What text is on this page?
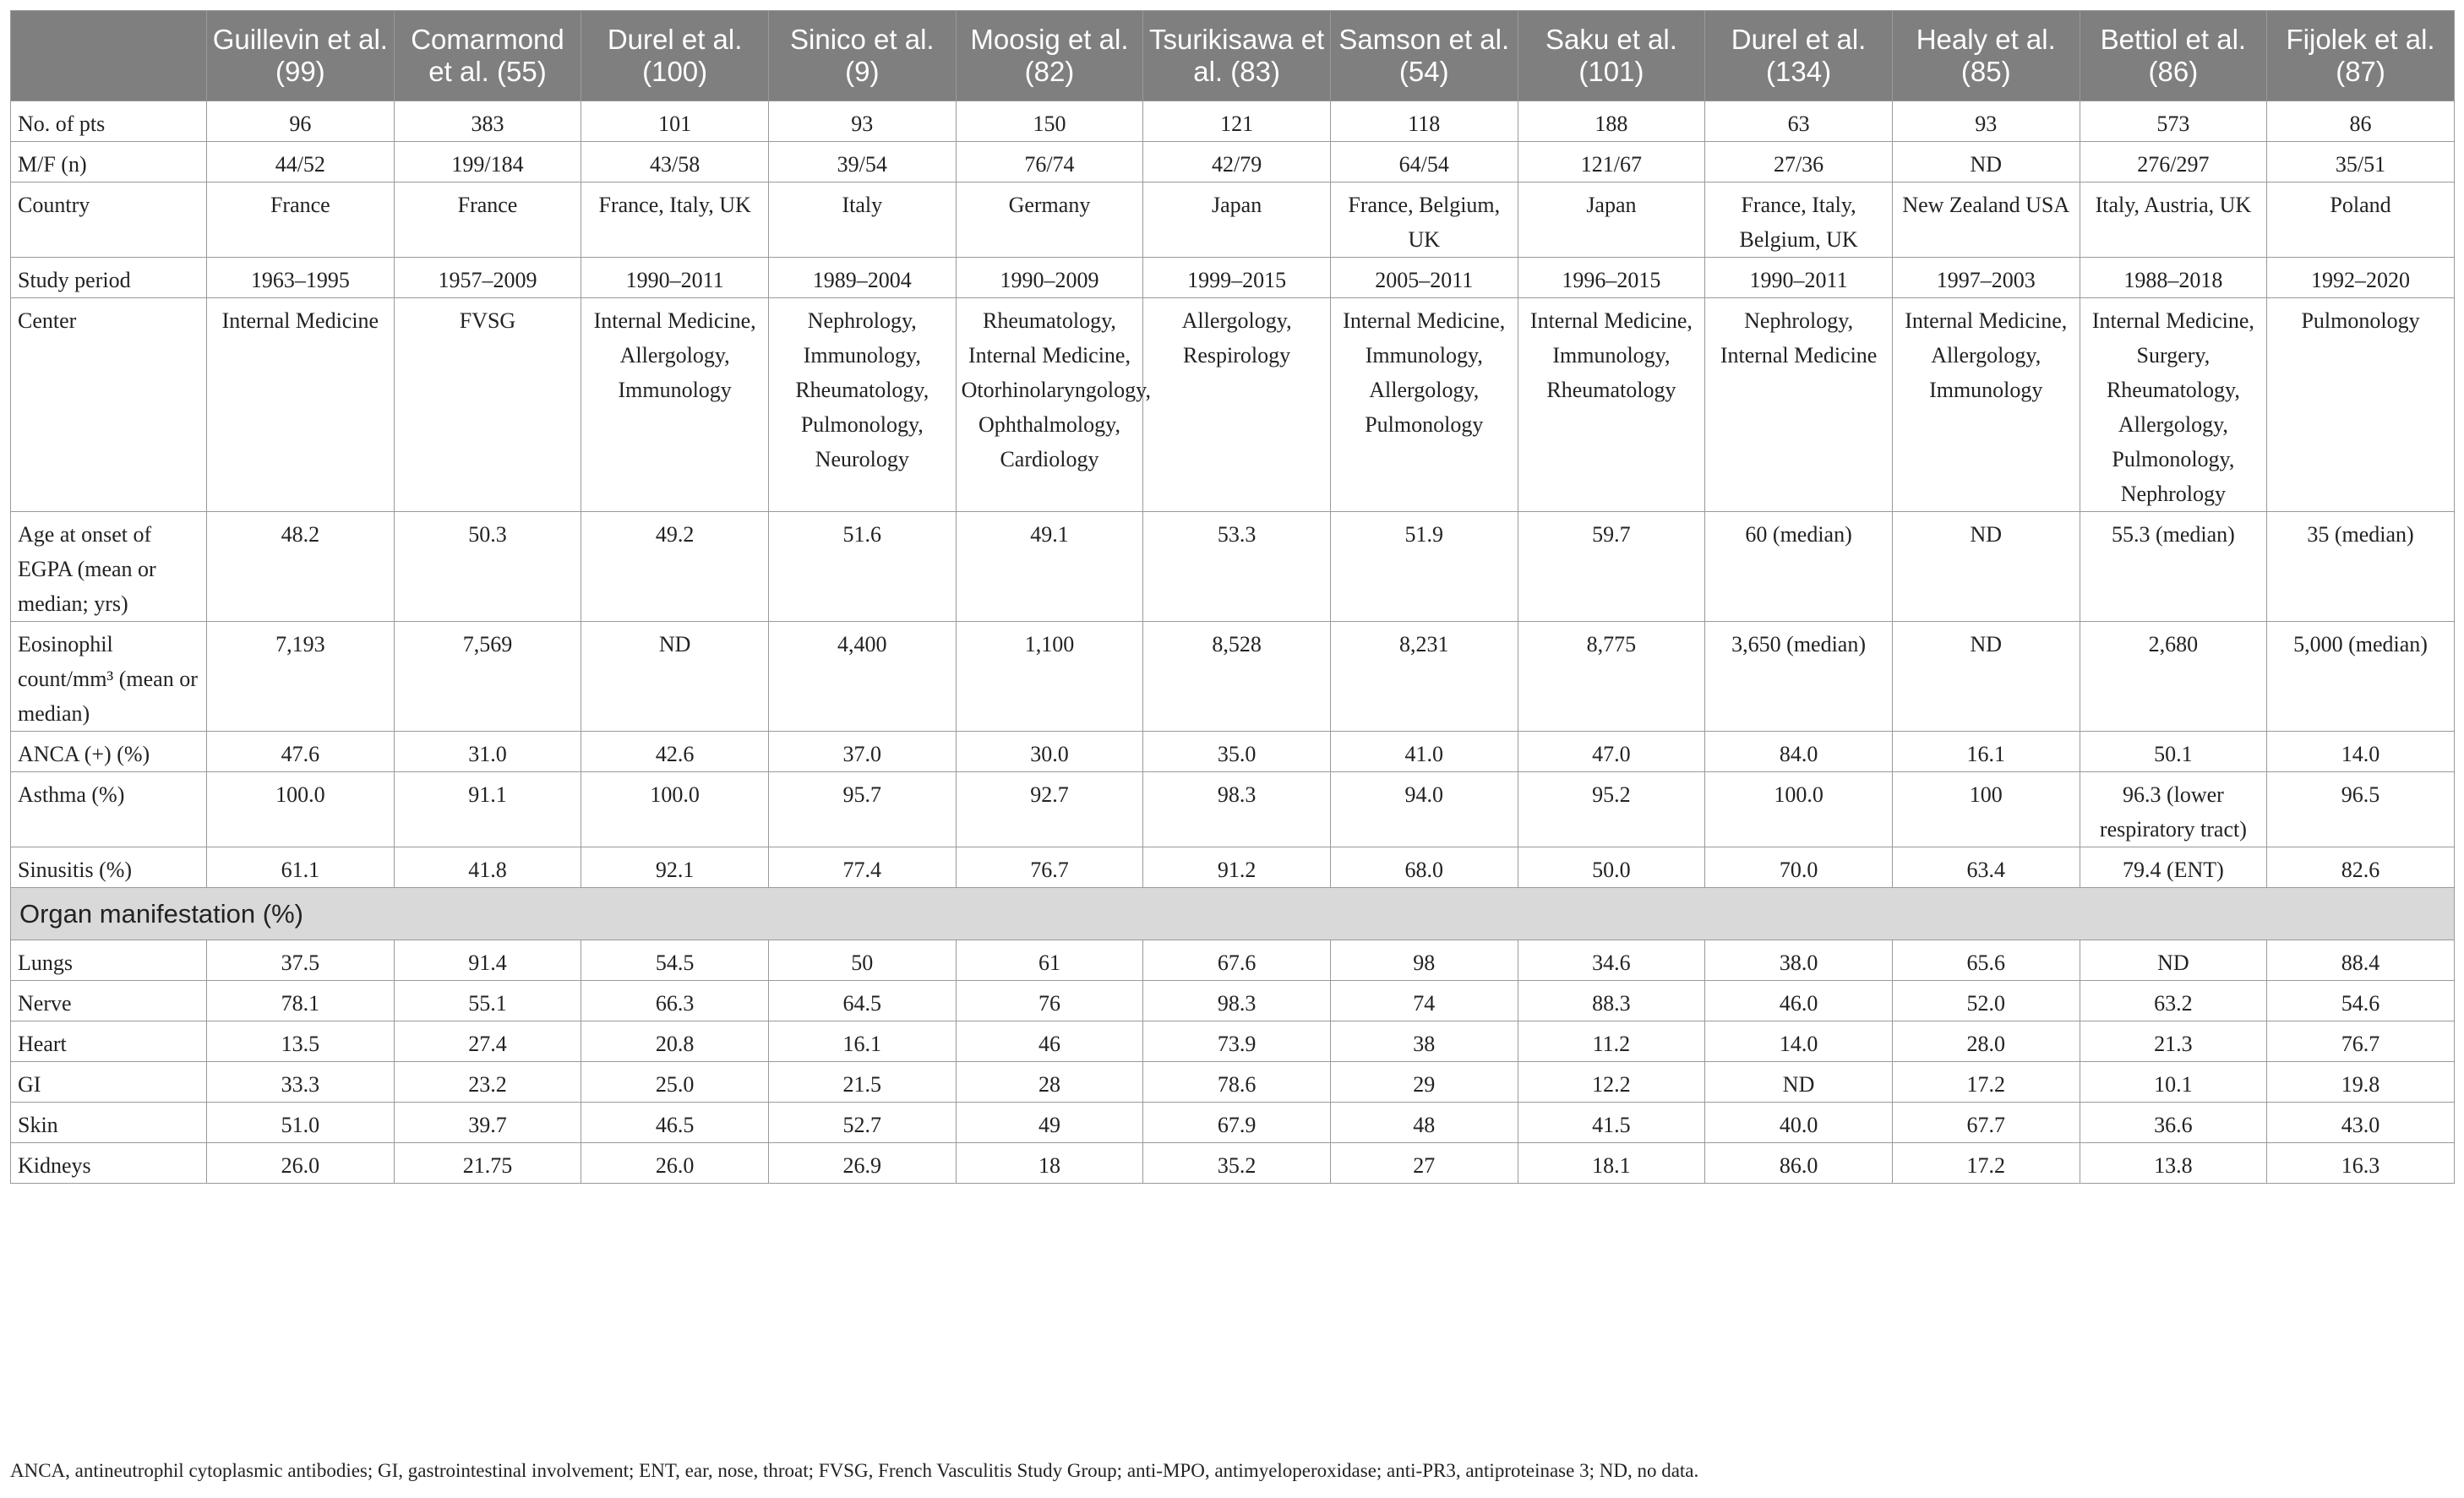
	Guillevin et al. (99)	Comarmond et al. (55)	Durel et al. (100)	Sinico et al. (9)	Moosig et al. (82)	Tsurikisawa et al. (83)	Samson et al. (54)	Saku et al. (101)	Durel et al. (134)	Healy et al. (85)	Bettiol et al. (86)	Fijolek et al. (87)
No. of pts	96	383	101	93	150	121	118	188	63	93	573	86
M/F (n)	44/52	199/184	43/58	39/54	76/74	42/79	64/54	121/67	27/36	ND	276/297	35/51
Country	France	France	France, Italy, UK	Italy	Germany	Japan	France, Belgium, UK	Japan	France, Italy, Belgium, UK	New Zealand USA	Italy, Austria, UK	Poland
Study period	1963–1995	1957–2009	1990–2011	1989–2004	1990–2009	1999–2015	2005–2011	1996–2015	1990–2011	1997–2003	1988–2018	1992–2020
Center	Internal Medicine	FVSG	Internal Medicine, Allergology, Immunology	Nephrology, Immunology, Rheumatology, Pulmonology, Neurology	Rheumatology, Internal Medicine, Otorhinolaryngology, Ophthalmology, Cardiology	Allergology, Respirology	Internal Medicine, Immunology, Allergology, Pulmonology	Internal Medicine, Immunology, Rheumatology	Nephrology, Internal Medicine	Internal Medicine, Allergology, Immunology	Internal Medicine, Surgery, Rheumatology, Allergology, Pulmonology, Nephrology	Pulmonology
Age at onset of EGPA (mean or median; yrs)	48.2	50.3	49.2	51.6	49.1	53.3	51.9	59.7	60 (median)	ND	55.3 (median)	35 (median)
Eosinophil count/mm³ (mean or median)	7,193	7,569	ND	4,400	1,100	8,528	8,231	8,775	3,650 (median)	ND	2,680	5,000 (median)
ANCA (+) (%)	47.6	31.0	42.6	37.0	30.0	35.0	41.0	47.0	84.0	16.1	50.1	14.0
Asthma (%)	100.0	91.1	100.0	95.7	92.7	98.3	94.0	95.2	100.0	100	96.3 (lower respiratory tract)	96.5
Sinusitis (%)	61.1	41.8	92.1	77.4	76.7	91.2	68.0	50.0	70.0	63.4	79.4 (ENT)	82.6
Organ manifestation (%)												
Lungs	37.5	91.4	54.5	50	61	67.6	98	34.6	38.0	65.6	ND	88.4
Nerve	78.1	55.1	66.3	64.5	76	98.3	74	88.3	46.0	52.0	63.2	54.6
Heart	13.5	27.4	20.8	16.1	46	73.9	38	11.2	14.0	28.0	21.3	76.7
GI	33.3	23.2	25.0	21.5	28	78.6	29	12.2	ND	17.2	10.1	19.8
Skin	51.0	39.7	46.5	52.7	49	67.9	48	41.5	40.0	67.7	36.6	43.0
Kidneys	26.0	21.75	26.0	26.9	18	35.2	27	18.1	86.0	17.2	13.8	16.3
ANCA, antineutrophil cytoplasmic antibodies; GI, gastrointestinal involvement; ENT, ear, nose, throat; FVSG, French Vasculitis Study Group; anti-MPO, antimyeloperoxidase; anti-PR3, antiproteinase 3; ND, no data.
